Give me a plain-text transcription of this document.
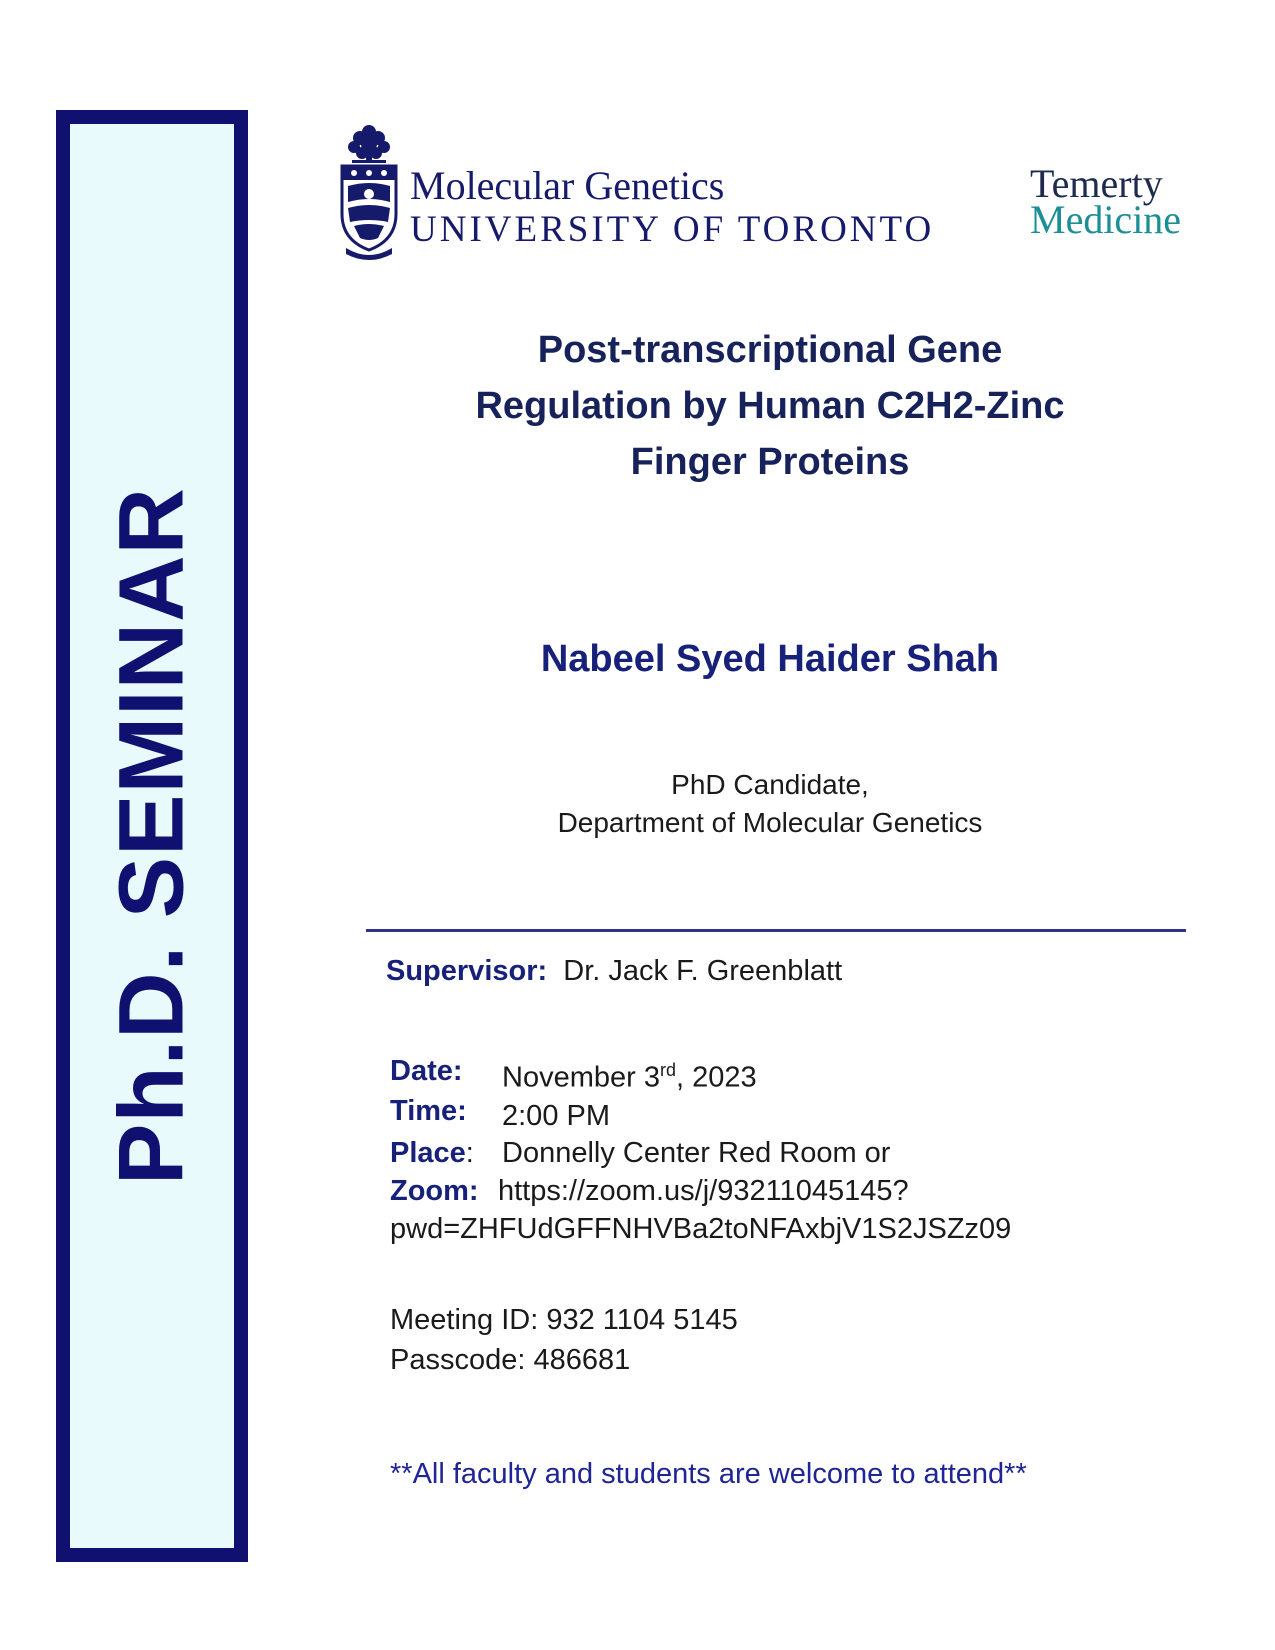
Ph.D. SEMINAR
Molecular Genetics
UNIVERSITY OF TORONTO
Temerty
Medicine
Post-transcriptional Gene
Regulation by Human C2H2-Zinc
Finger Proteins
Nabeel Syed Haider Shah
PhD Candidate,
Department of Molecular Genetics
Supervisor: Dr. Jack F. Greenblatt
Date: November 3rd, 2023
Time: 2:00 PM
Place: Donnelly Center Red Room or
Zoom: https://zoom.us/j/93211045145?
pwd=ZHFUdGFFNHVBa2toNFAxbjV1S2JSZz09
Meeting ID: 932 1104 5145
Passcode: 486681
**All faculty and students are welcome to attend**
